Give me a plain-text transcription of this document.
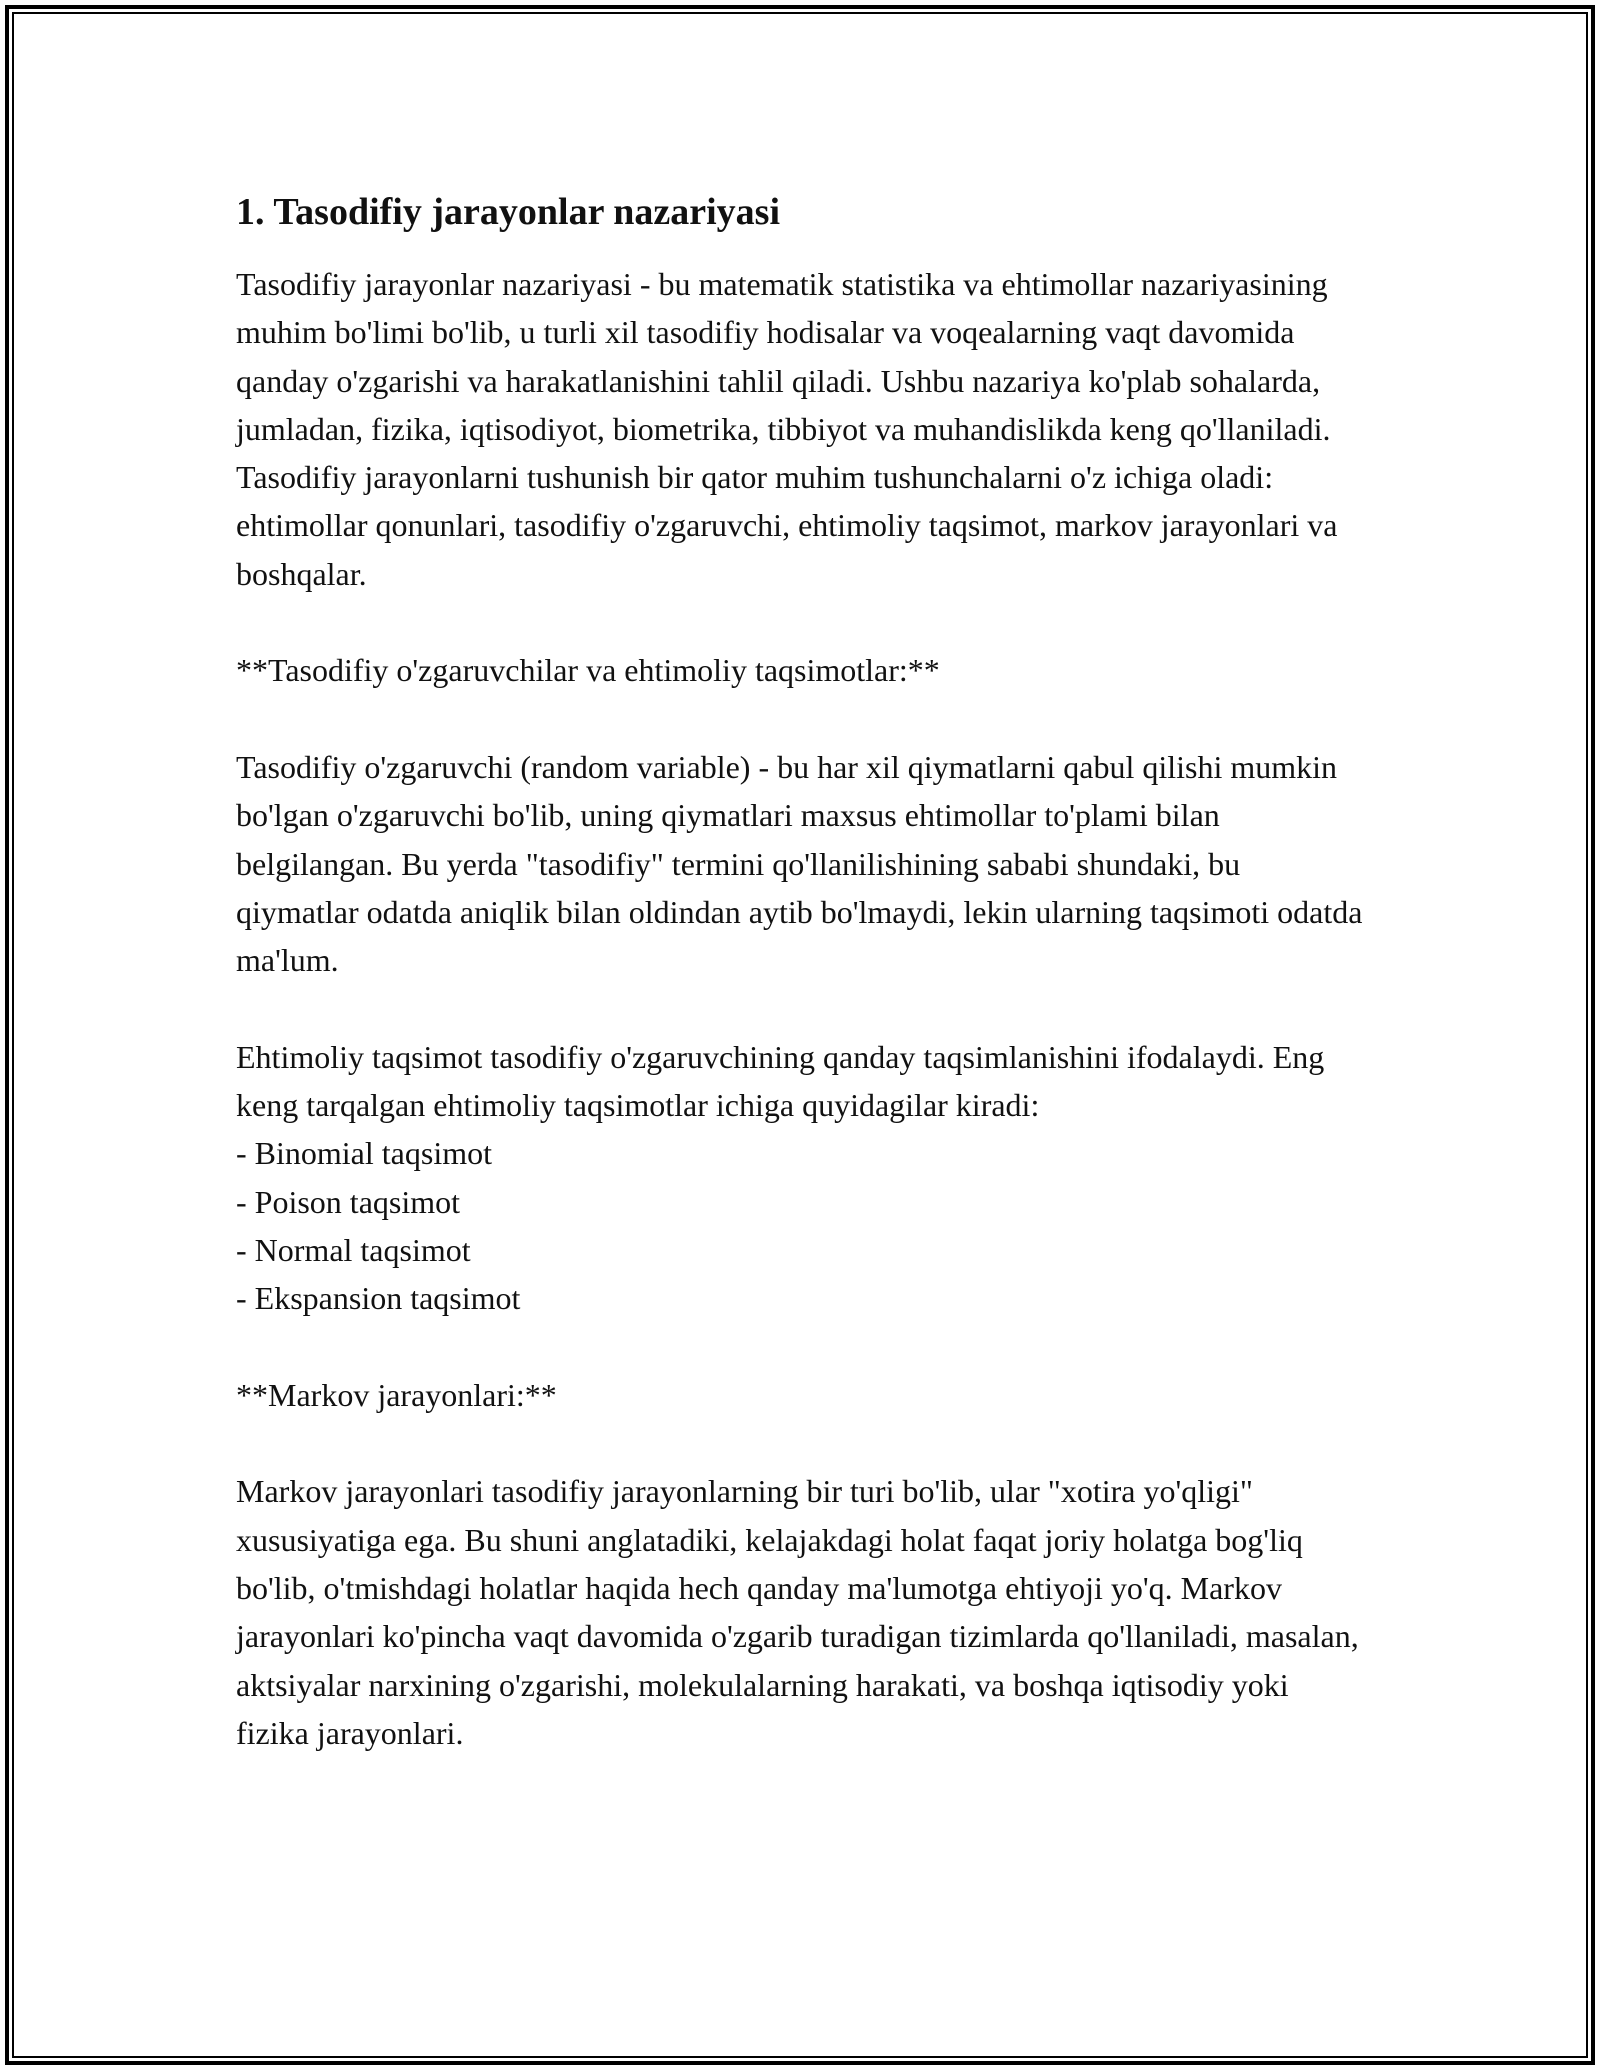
1. Tasodifiy jarayonlar nazariyasi

Tasodifiy jarayonlar nazariyasi - bu matematik statistika va ehtimollar nazariyasining muhim bo'limi bo'lib, u turli xil tasodifiy hodisalar va voqealarning vaqt davomida qanday o'zgarishi va harakatlanishini tahlil qiladi. Ushbu nazariya ko'plab sohalarda, jumladan, fizika, iqtisodiyot, biometrika, tibbiyot va muhandislikda keng qo'llaniladi. Tasodifiy jarayonlarni tushunish bir qator muhim tushunchalarni o'z ichiga oladi: ehtimollar qonunlari, tasodifiy o'zgaruvchi, ehtimoliy taqsimot, markov jarayonlari va boshqalar.

**Tasodifiy o'zgaruvchilar va ehtimoliy taqsimotlar:**

Tasodifiy o'zgaruvchi (random variable) - bu har xil qiymatlarni qabul qilishi mumkin bo'lgan o'zgaruvchi bo'lib, uning qiymatlari maxsus ehtimollar to'plami bilan belgilangan. Bu yerda "tasodifiy" termini qo'llanilishining sababi shundaki, bu qiymatlar odatda aniqlik bilan oldindan aytib bo'lmaydi, lekin ularning taqsimoti odatda ma'lum.

Ehtimoliy taqsimot tasodifiy o'zgaruvchining qanday taqsimlanishini ifodalaydi. Eng keng tarqalgan ehtimoliy taqsimotlar ichiga quyidagilar kiradi:

- Binomial taqsimot
- Poison taqsimot
- Normal taqsimot
- Ekspansion taqsimot

**Markov jarayonlari:**

Markov jarayonlari tasodifiy jarayonlarning bir turi bo'lib, ular "xotira yo'qligi" xususiyatiga ega. Bu shuni anglatadiki, kelajakdagi holat faqat joriy holatga bog'liq bo'lib, o'tmishdagi holatlar haqida hech qanday ma'lumotga ehtiyoji yo'q. Markov jarayonlari ko'pincha vaqt davomida o'zgarib turadigan tizimlarda qo'llaniladi, masalan, aktsiyalar narxining o'zgarishi, molekulalarning harakati, va boshqa iqtisodiy yoki fizika jarayonlari.
